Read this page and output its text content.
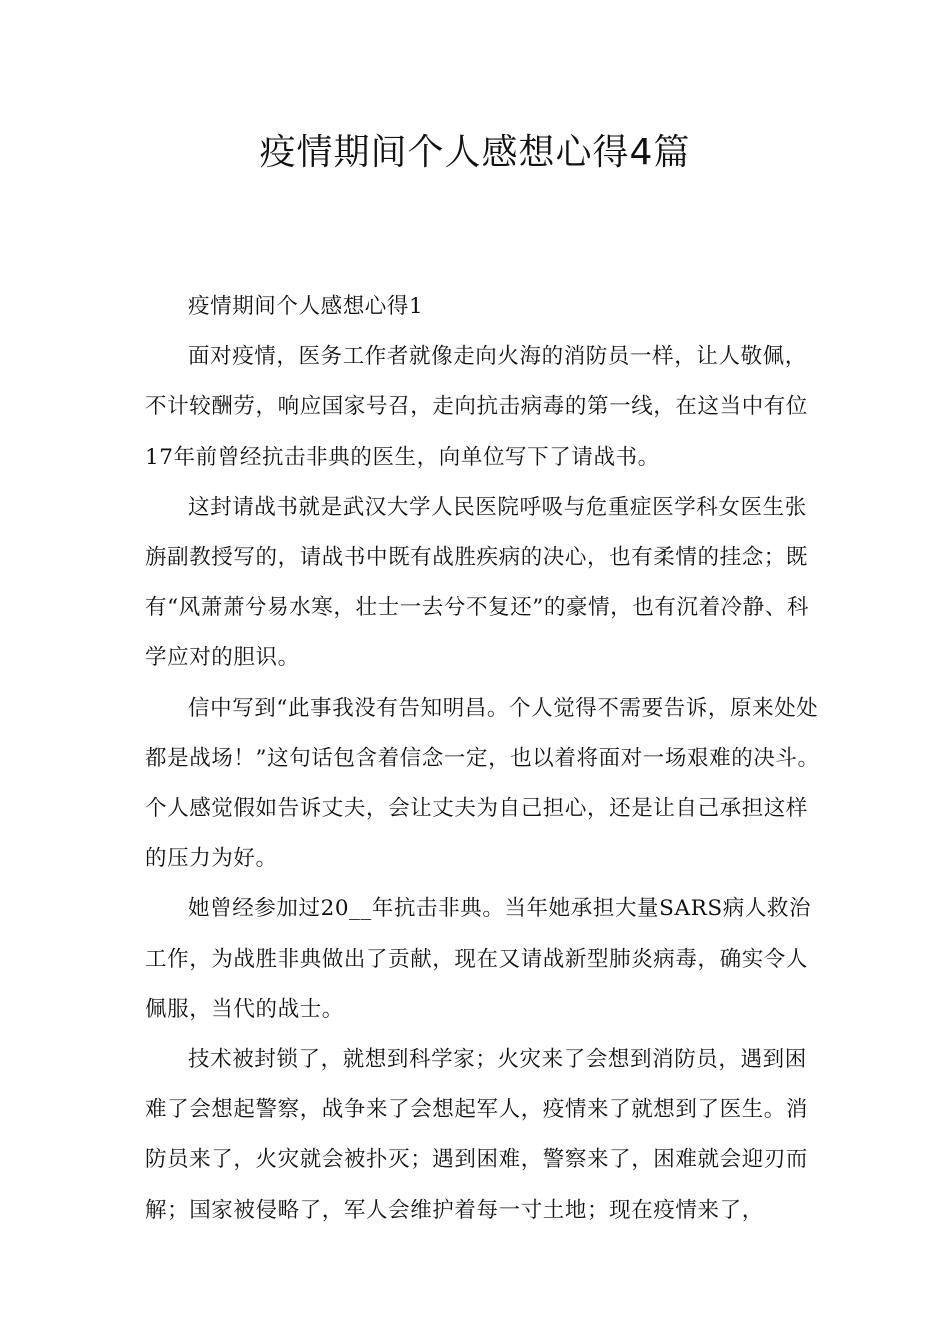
疫情期间个人感想心得4篇

疫情期间个人感想心得1

面对疫情，医务工作者就像走向火海的消防员一样，让人敬佩，不计较酬劳，响应国家号召，走向抗击病毒的第一线，在这当中有位17年前曾经抗击非典的医生，向单位写下了请战书。

这封请战书就是武汉大学人民医院呼吸与危重症医学科女医生张旃副教授写的，请战书中既有战胜疾病的决心，也有柔情的挂念；既有“风萧萧兮易水寒，壮士一去兮不复还”的豪情，也有沉着冷静、科学应对的胆识。

信中写到“此事我没有告知明昌。个人觉得不需要告诉，原来处处都是战场！”这句话包含着信念一定，也以着将面对一场艰难的决斗。个人感觉假如告诉丈夫，会让丈夫为自己担心，还是让自己承担这样的压力为好。

她曾经参加过20__年抗击非典。当年她承担大量SARS病人救治工作，为战胜非典做出了贡献，现在又请战新型肺炎病毒，确实令人佩服，当代的战士。

技术被封锁了，就想到科学家；火灾来了会想到消防员，遇到困难了会想起警察，战争来了会想起军人，疫情来了就想到了医生。消防员来了，火灾就会被扑灭；遇到困难，警察来了，困难就会迎刃而解；国家被侵略了，军人会维护着每一寸土地；现在疫情来了，
